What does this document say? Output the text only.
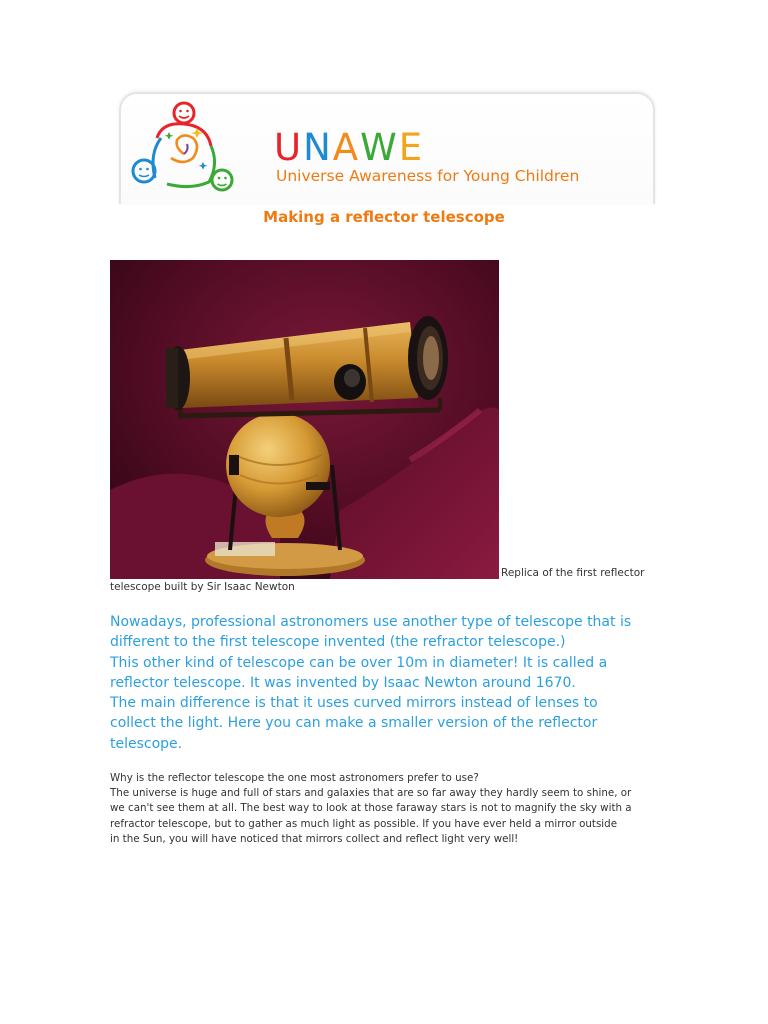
UNAWE
Universe Awareness for Young Children
Making a reflector telescope
Replica of the first reflector
telescope built by Sir Isaac Newton

Nowadays, professional astronomers use another type of telescope that is

different to the first telescope invented (the refractor telescope.)

This other kind of telescope can be over 10m in diameter! It is called a

reflector telescope. It was invented by Isaac Newton around 1670.

The main difference is that it uses curved mirrors instead of lenses to

collect the light. Here you can make a smaller version of the reflector

telescope.

Why is the reflector telescope the one most astronomers prefer to use?

The universe is huge and full of stars and galaxies that are so far away they hardly seem to shine, or

we can't see them at all. The best way to look at those faraway stars is not to magnify the sky with a

refractor telescope, but to gather as much light as possible. If you have ever held a mirror outside

in the Sun, you will have noticed that mirrors collect and reflect light very well!
